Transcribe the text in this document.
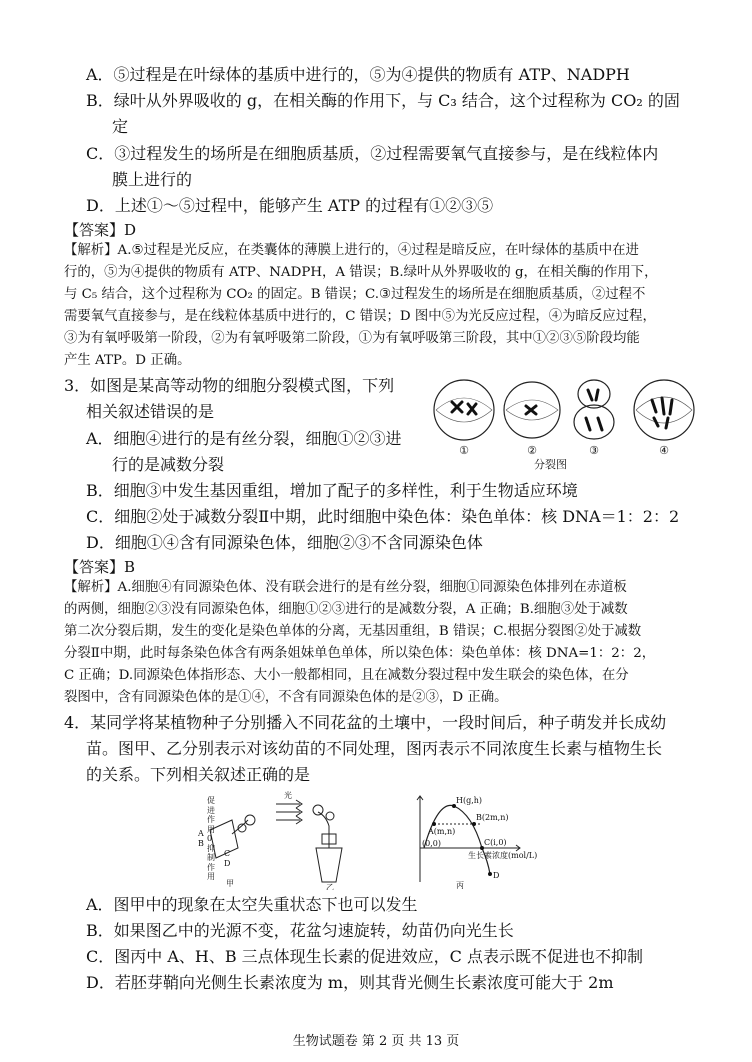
A．⑤过程是在叶绿体的基质中进行的，⑤为④提供的物质有 ATP、NADPH
B．绿叶从外界吸收的 g，在相关酶的作用下，与 C₃ 结合，这个过程称为 CO₂ 的固
定
C．③过程发生的场所是在细胞质基质，②过程需要氧气直接参与，是在线粒体内
膜上进行的
D．上述①～⑤过程中，能够产生 ATP 的过程有①②③⑤
【答案】D
【解析】A.⑤过程是光反应，在类囊体的薄膜上进行的，④过程是暗反应，在叶绿体的基质中在进
行的，⑤为④提供的物质有 ATP、NADPH，A 错误；B.绿叶从外界吸收的 g，在相关酶的作用下，
与 C₅ 结合，这个过程称为 CO₂ 的固定。B 错误；C.③过程发生的场所是在细胞质基质，②过程不
需要氧气直接参与，是在线粒体基质中进行的，C 错误；D 图中⑤为光反应过程，④为暗反应过程，
③为有氧呼吸第一阶段，②为有氧呼吸第二阶段，①为有氧呼吸第三阶段，其中①②③⑤阶段均能
产生 ATP。D 正确。
3．如图是某高等动物的细胞分裂模式图，下列
相关叙述错误的是
A．细胞④进行的是有丝分裂，细胞①②③进
行的是减数分裂
B．细胞③中发生基因重组，增加了配子的多样性，利于生物适应环境
C．细胞②处于减数分裂Ⅱ中期，此时细胞中染色体：染色单体：核 DNA＝1：2：2
D．细胞①④含有同源染色体，细胞②③不含同源染色体
①	②	③	④
分裂图
【答案】B
【解析】A.细胞④有同源染色体、没有联会进行的是有丝分裂，细胞①同源染色体排列在赤道板
的两侧，细胞②③没有同源染色体，细胞①②③进行的是减数分裂，A 正确；B.细胞③处于减数
第二次分裂后期，发生的变化是染色单体的分离，无基因重组，B 错误；C.根据分裂图②处于减数
分裂Ⅱ中期，此时每条染色体含有两条姐妹单色单体，所以染色体：染色单体：核 DNA=1：2：2，
C 正确；D.同源染色体指形态、大小一般都相同，且在减数分裂过程中发生联会的染色体，在分
裂图中，含有同源染色体的是①④，不含有同源染色体的是②③，D 正确。
4．某同学将某植物种子分别播入不同花盆的土壤中，一段时间后，种子萌发并长成幼
苗。图甲、乙分别表示对该幼苗的不同处理，图丙表示不同浓度生长素与植物生长
的关系。下列相关叙述正确的是
A
B
C
D
光
甲	乙	丙
H(g,h)
A(m,n)
B(2m,n)
C(i,0)
(0,0)
D
生长素浓度(mol/L)
促进作用 0 抑制作用
A．图甲中的现象在太空失重状态下也可以发生
B．如果图乙中的光源不变，花盆匀速旋转，幼苗仍向光生长
C．图丙中 A、H、B 三点体现生长素的促进效应，C 点表示既不促进也不抑制
D．若胚芽鞘向光侧生长素浓度为 m，则其背光侧生长素浓度可能大于 2m
生物试题卷 第 2 页 共 13 页
